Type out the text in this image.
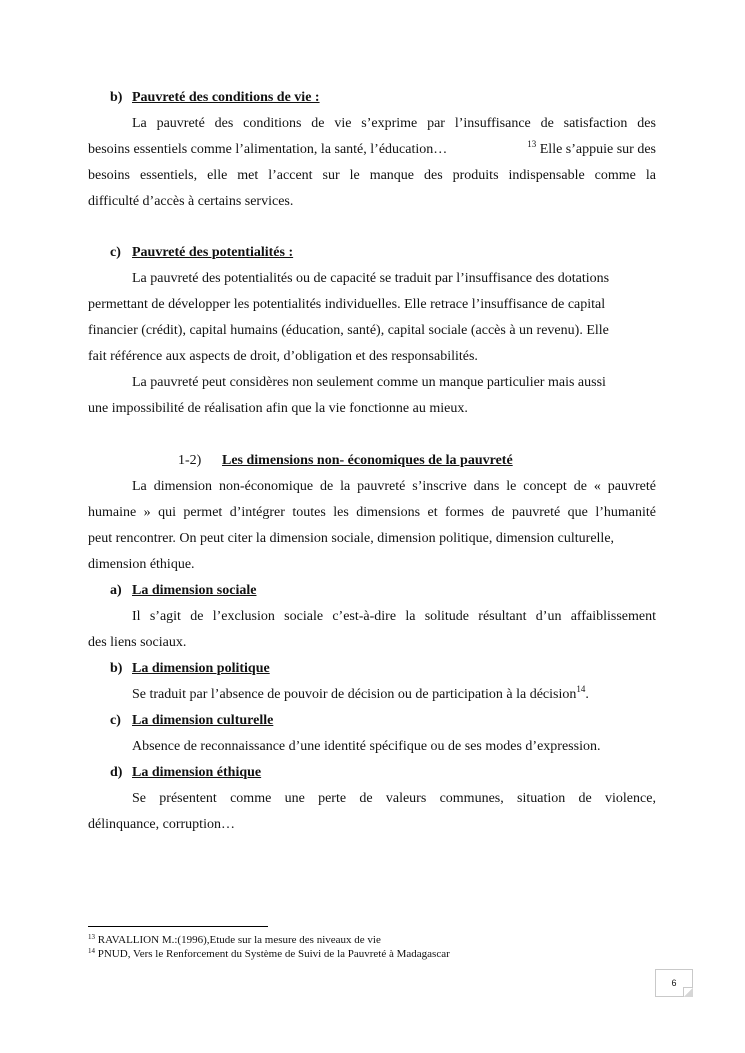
b) Pauvreté des conditions de vie :
La pauvreté des conditions de vie s’exprime par l’insuffisance de satisfaction des
besoins essentiels comme l’alimentation, la santé, l’éducation…	$^{13}$ Elle s’appuie sur des
besoins essentiels, elle met l’accent sur le manque des produits indispensable comme la
difficulté d’accès à certains services.
c) Pauvreté des potentialités :
La pauvreté des potentialités ou de capacité se traduit par l’insuffisance des dotations
permettant de développer les potentialités individuelles. Elle retrace l’insuffisance de capital
financier (crédit), capital humains (éducation, santé), capital sociale (accès à un revenu). Elle
fait référence aux aspects de droit, d’obligation et des responsabilités.
La pauvreté peut considères non seulement comme un manque particulier mais aussi
une impossibilité de réalisation afin que la vie fonctionne au mieux.
1-2) Les dimensions non- économiques de la pauvreté
La dimension non-économique de la pauvreté s’inscrive dans le concept de « pauvreté
humaine » qui permet d’intégrer toutes les dimensions et formes de pauvreté que l’humanité
peut rencontrer. On peut citer la dimension sociale, dimension politique, dimension culturelle,
dimension éthique.
a) La dimension sociale
Il s’agit de l’exclusion sociale c’est-à-dire la solitude résultant d’un affaiblissement
des liens sociaux.
b) La dimension politique
Se traduit par l’absence de pouvoir de décision ou de participation à la décision$^{14}$.
c) La dimension culturelle
Absence de reconnaissance d’une identité spécifique ou de ses modes d’expression.
d) La dimension éthique
Se présentent comme une perte de valeurs communes, situation de violence,
délinquance, corruption…
$^{13}$ RAVALLION M.:(1996),Etude sur la mesure des niveaux de vie
$^{14}$ PNUD, Vers le Renforcement du Système de Suivi de la Pauvreté à Madagascar
6
